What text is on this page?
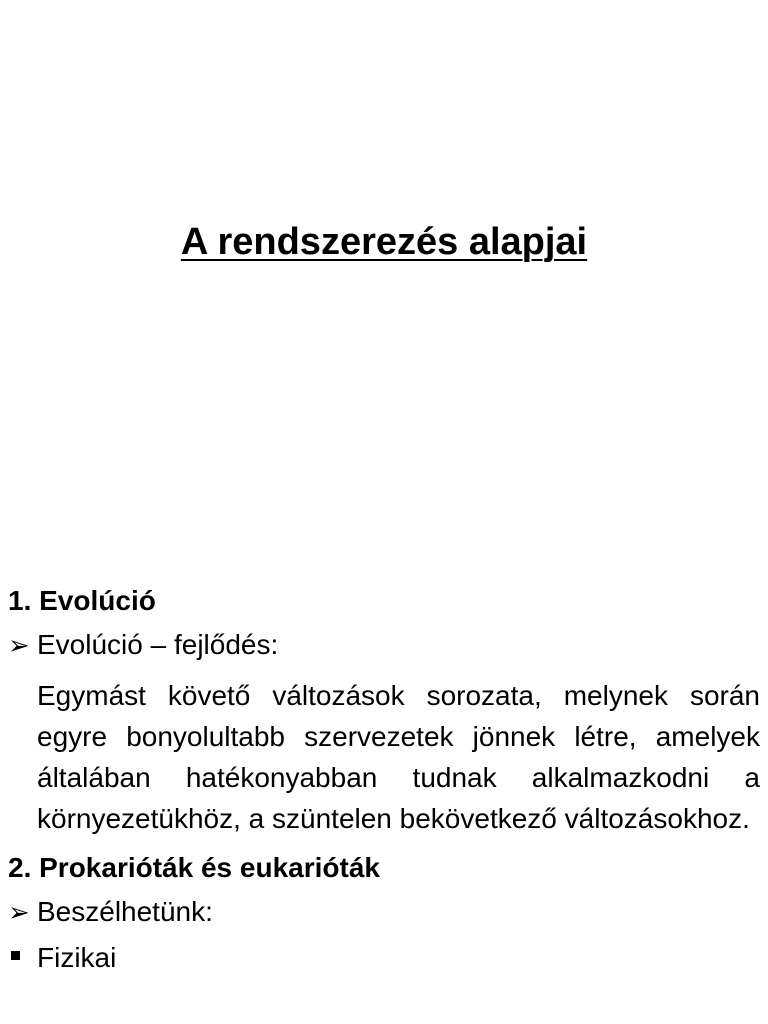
A rendszerezés alapjai
1. Evolúció
➢ Evolúció – fejlődés:

Egymást követő változások sorozata, melynek során egyre bonyolultabb szervezetek jönnek létre, amelyek általában hatékonyabban tudnak alkalmazkodni a környezetükhöz, a szüntelen bekövetkező változásokhoz.

2. Prokarióták és eukarióták
➢ Beszélhetünk:
Fizikai
